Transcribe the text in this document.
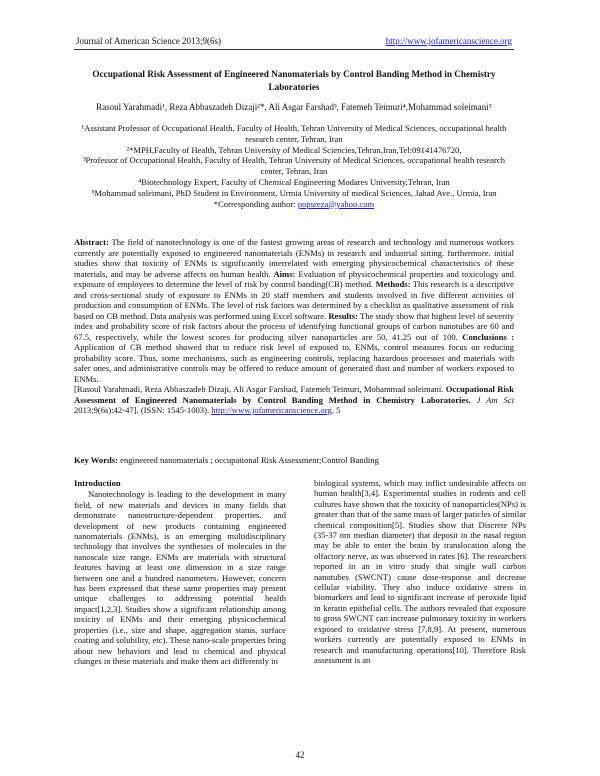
Journal of American Science 2013;9(6s)	http://www.jofamericanscience.org
Occupational Risk Assessment of Engineered Nanomaterials by Control Banding Method in Chemistry Laboratories
Rasoul Yarahmadi¹, Reza Abbaszadeh Dizaji²*, Ali Asgar Farshad³, Fatemeh Teimuri⁴,Mohammad soleimani⁵
¹Assistant Professor of Occupational Health, Faculty of Health, Tehran University of Medical Sciences, occupational health research center, Tehran, Iran
²*MPH,Faculty of Health, Tehran University of Medical Sciencies,Tehran,Iran,Tel:09141476720,
³Professor of Occupational Health, Faculty of Health, Tehran University of Medical Sciences, occupational health research center, Tehran, Iran
⁴Biotechnology Expert, Faculty of Chemical Engineering Modares University,Tehran, Iran
⁵Mohammad soleimani, PhD Student in Environment, Urmia University of medical Sciences, Jahad Ave., Urmia, Iran
*Corresponding author: popsreza@yahoo.com

Abstract: The field of nanotechnology is one of the fastest growing areas of research and technology and numerous workers currently are potentially exposed to engineered nanomaterials (ENMs) in research and industrial sitting. furthermore. initial studies show that toxicity of ENMs is significantly interrelated with emerging physicochemical characteristics of these materials, and may be adverse affects on human health. Aims: Evaluation of physicochemical properties and toxicology and exposure of employees to determine the level of risk by control banding(CB) method. Methods: This research is a descriptive and cross-sectional study of exposure to ENMs in 20 staff members and students involved in five different activities of production and consumption of ENMs. The level of risk factors was determined by a checklist as qualitative assessment of risk based on CB method. Data analysis was performed using Excel software. Results: The study show that highest level of severity index and probability score of risk factors about the process of identifying functional groups of carbon nanotubes are 60 and 67.5, respectively, while the lowest scores for producing silver nanoparticles are 50, 41.25 out of 100. Conclusions : Application of CB method showed that to reduce risk level of exposed to, ENMs, control measures focus on reducing probability score. Thus, some mechanisms, such as engineering controls, replacing hazardous processes and materials with safer ones, and administrative controls may be offered to reduce amount of generated dust and number of workers exposed to ENMs.

[Rasoul Yarahmadi, Reza Abbaszadeh Dizaji, Ali Asgar Farshad, Fatemeh Teimuri, Mohammad soleimani. Occupational Risk Assessment of Engineered Nanomaterials by Control Banding Method in Chemistry Laboratories. J Am Sci 2013;9(6s):42-47]. (ISSN: 1545-1003). http://www.jofamericanscience.org. 5

Key Words: engineered nanomaterials ; occupational Risk Assessment;Control Banding
Introduction

Nanotechnology is leading to the development in many field, of new materials and devices in many fields that demonstrate nanostructure-dependent properties. and development of new products containing engineered nanomaterials (ENMs), is an emerging multidisciplinary technology that involves the synthesies of molecules in the nanoscale size range. ENMs are materials with structural features having at least one dimension in a size range between one and a hundred nanometers. However, concern has been expressed that these same properties may present unique challenges to addressing potential health impact[1,2,3]. Studies show a significant relationship among toxicity of ENMs and their emerging physicochemical properties (i.e., size and shape, aggregation status, surface coating and solubility, etc). These nano-scale properties bring about new behaviors and lead to chemical and physical changes in these materials and make them act differently in

biological systems, which may inflict undesirable affects on human health[3,4]. Experimental studies in rodents and cell cultures have shown that the toxicity of nanoparticles(NPs) is greater than that of the same mass of larger paticles of similar chemical composition[5]. Studies show that Discrete NPs (35-37 nm median diameter) that deposit in the nasal region may be able to enter the brain by translocation along the olfactory nerve, as was observed in rates [6]. The researchers reported in an in vitro study that single wall carbon nanotubes (SWCNT) cause dose-response and decrease cellular viability. They also induce oxidative stress in biomarkers and lead to significant increase of peroxide lipid in keratin epithelial cells. The authors revealed that exposure to gross SWCNT can increase pulmonary toxicity in workers exposed to oxidative stress [7,8,9]. At present, numerous workers currently are potentially exposed to ENMs in research and manufacturing operations[10]. Therefore Risk assessment is an

42
